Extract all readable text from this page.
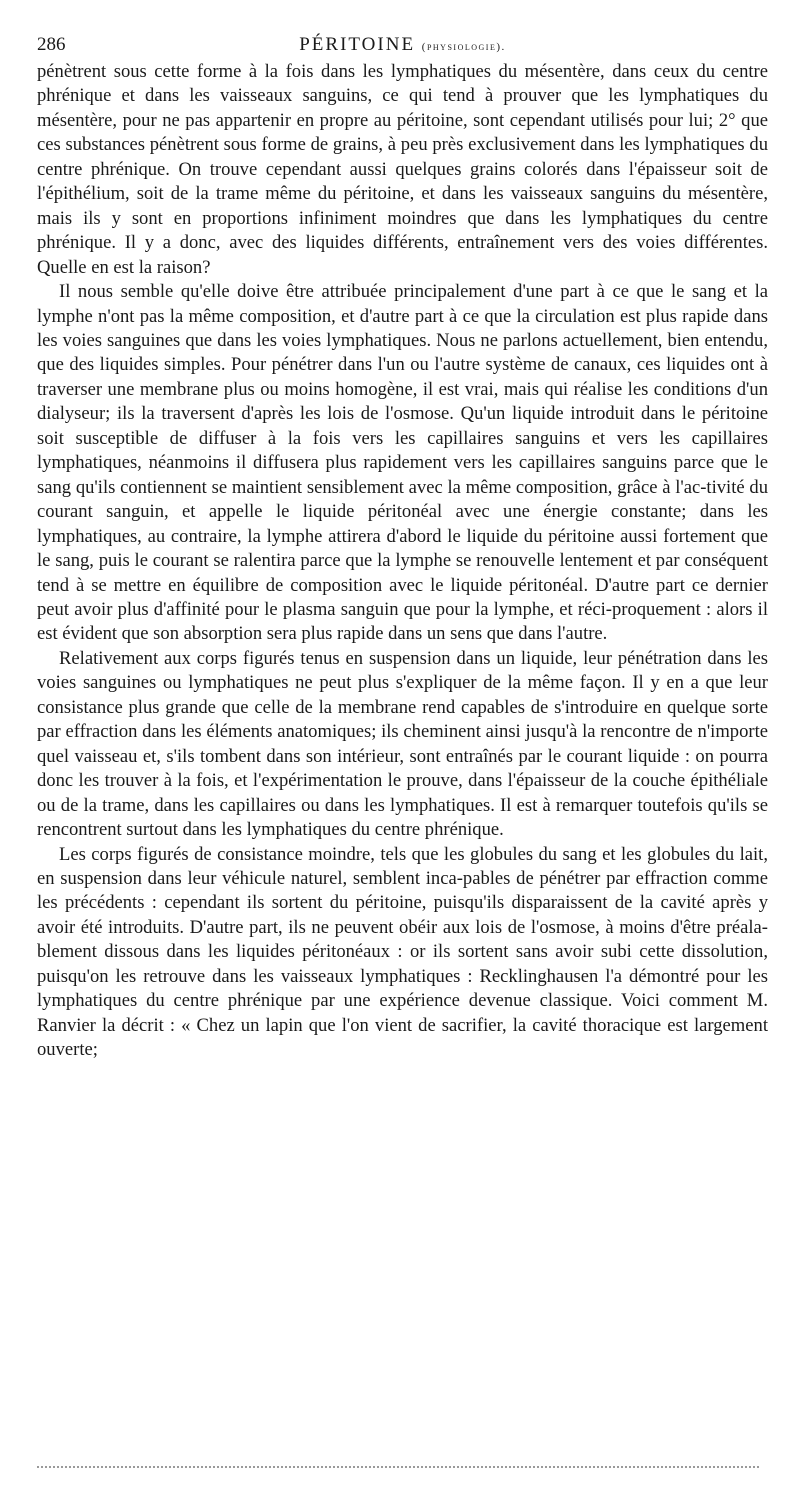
286	PÉRITOINE (physiologie).

pénètrent sous cette forme à la fois dans les lymphatiques du mésentère, dans ceux du centre phrénique et dans les vaisseaux sanguins, ce qui tend à prouver que les lymphatiques du mésentère, pour ne pas appartenir en propre au péritoine, sont cependant utilisés pour lui; 2° que ces substances pénètrent sous forme de grains, à peu près exclusivement dans les lymphatiques du centre phrénique. On trouve cependant aussi quelques grains colorés dans l'épaisseur soit de l'épithélium, soit de la trame même du péritoine, et dans les vaisseaux sanguins du mésentère, mais ils y sont en proportions infiniment moindres que dans les lymphatiques du centre phrénique. Il y a donc, avec des liquides différents, entraînement vers des voies différentes. Quelle en est la raison?

Il nous semble qu'elle doive être attribuée principalement d'une part à ce que le sang et la lymphe n'ont pas la même composition, et d'autre part à ce que la circulation est plus rapide dans les voies sanguines que dans les voies lymphatiques. Nous ne parlons actuellement, bien entendu, que des liquides simples. Pour pénétrer dans l'un ou l'autre système de canaux, ces liquides ont à traverser une membrane plus ou moins homogène, il est vrai, mais qui réalise les conditions d'un dialyseur; ils la traversent d'après les lois de l'osmose. Qu'un liquide introduit dans le péritoine soit susceptible de diffuser à la fois vers les capillaires sanguins et vers les capillaires lymphatiques, néanmoins il diffusera plus rapidement vers les capillaires sanguins parce que le sang qu'ils contiennent se maintient sensiblement avec la même composition, grâce à l'ac-tivité du courant sanguin, et appelle le liquide péritonéal avec une énergie constante; dans les lymphatiques, au contraire, la lymphe attirera d'abord le liquide du péritoine aussi fortement que le sang, puis le courant se ralentira parce que la lymphe se renouvelle lentement et par conséquent tend à se mettre en équilibre de composition avec le liquide péritonéal. D'autre part ce dernier peut avoir plus d'affinité pour le plasma sanguin que pour la lymphe, et réci-proquement : alors il est évident que son absorption sera plus rapide dans un sens que dans l'autre.

Relativement aux corps figurés tenus en suspension dans un liquide, leur pénétration dans les voies sanguines ou lymphatiques ne peut plus s'expliquer de la même façon. Il y en a que leur consistance plus grande que celle de la membrane rend capables de s'introduire en quelque sorte par effraction dans les éléments anatomiques; ils cheminent ainsi jusqu'à la rencontre de n'importe quel vaisseau et, s'ils tombent dans son intérieur, sont entraînés par le courant liquide : on pourra donc les trouver à la fois, et l'expérimentation le prouve, dans l'épaisseur de la couche épithéliale ou de la trame, dans les capillaires ou dans les lymphatiques. Il est à remarquer toutefois qu'ils se rencontrent surtout dans les lymphatiques du centre phrénique.

Les corps figurés de consistance moindre, tels que les globules du sang et les globules du lait, en suspension dans leur véhicule naturel, semblent inca-pables de pénétrer par effraction comme les précédents : cependant ils sortent du péritoine, puisqu'ils disparaissent de la cavité après y avoir été introduits. D'autre part, ils ne peuvent obéir aux lois de l'osmose, à moins d'être préala-blement dissous dans les liquides péritonéaux : or ils sortent sans avoir subi cette dissolution, puisqu'on les retrouve dans les vaisseaux lymphatiques : Recklinghausen l'a démontré pour les lymphatiques du centre phrénique par une expérience devenue classique. Voici comment M. Ranvier la décrit : « Chez un lapin que l'on vient de sacrifier, la cavité thoracique est largement ouverte;
